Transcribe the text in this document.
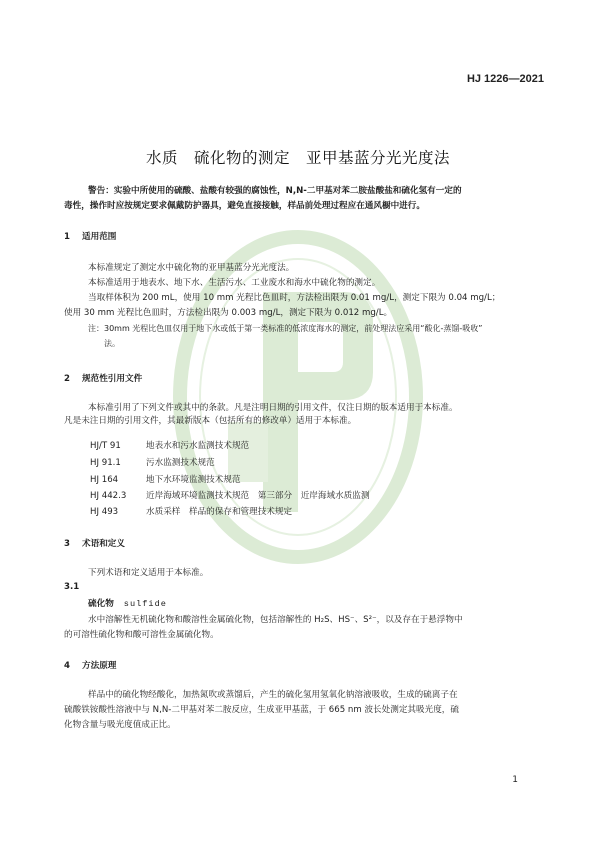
HJ 1226—2021
水质　硫化物的测定　亚甲基蓝分光光度法
警告：实验中所使用的硫酸、盐酸有较强的腐蚀性，N,N-二甲基对苯二胺盐酸盐和硫化氢有一定的
毒性，操作时应按规定要求佩戴防护器具，避免直接接触，样品前处理过程应在通风橱中进行。
1 适用范围
本标准规定了测定水中硫化物的亚甲基蓝分光光度法。
本标准适用于地表水、地下水、生活污水、工业废水和海水中硫化物的测定。
当取样体积为 200 mL，使用 10 mm 光程比色皿时，方法检出限为 0.01 mg/L，测定下限为 0.04 mg/L；
使用 30 mm 光程比色皿时，方法检出限为 0.003 mg/L，测定下限为 0.012 mg/L。
注：30mm 光程比色皿仅用于地下水或低于第一类标准的低浓度海水的测定，前处理法应采用“酸化-蒸馏-吸收”
法。
2 规范性引用文件
本标准引用了下列文件或其中的条款。凡是注明日期的引用文件，仅注日期的版本适用于本标准。
凡是未注日期的引用文件，其最新版本（包括所有的修改单）适用于本标准。
HJ/T 91	地表水和污水监测技术规范
HJ 91.1	污水监测技术规范
HJ 164	地下水环境监测技术规范
HJ 442.3 近岸海域环境监测技术规范　第三部分　近岸海域水质监测
HJ 493	水质采样　样品的保存和管理技术规定
3 术语和定义
下列术语和定义适用于本标准。
3.1
硫化物 sulfide
水中溶解性无机硫化物和酸溶性金属硫化物，包括溶解性的 H₂S、HS⁻、S²⁻，以及存在于悬浮物中
的可溶性硫化物和酸可溶性金属硫化物。
4 方法原理
样品中的硫化物经酸化，加热氮吹或蒸馏后，产生的硫化氢用氢氧化钠溶液吸收，生成的硫离子在
硫酸铁铵酸性溶液中与 N,N-二甲基对苯二胺反应，生成亚甲基蓝，于 665 nm 波长处测定其吸光度，硫
化物含量与吸光度值成正比。
1
